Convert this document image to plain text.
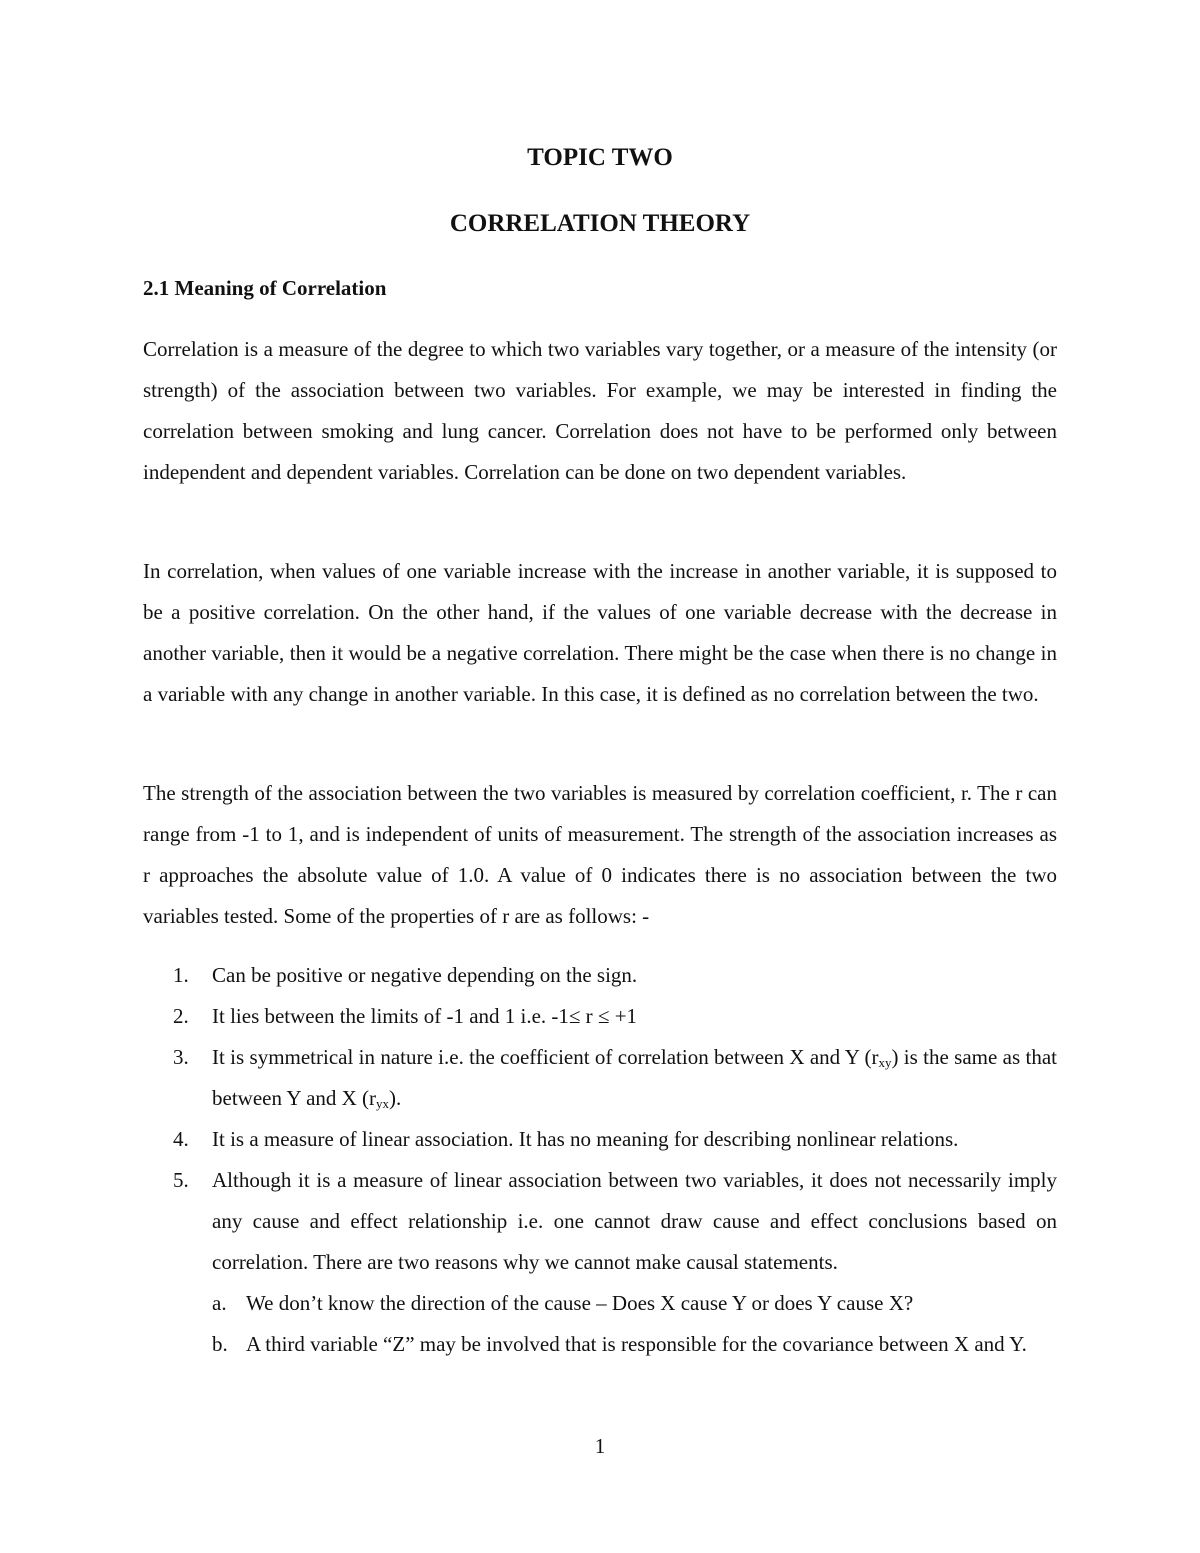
TOPIC TWO
CORRELATION THEORY
2.1 Meaning of Correlation

Correlation is a measure of the degree to which two variables vary together, or a measure of the intensity (or strength) of the association between two variables. For example, we may be interested in finding the correlation between smoking and lung cancer. Correlation does not have to be performed only between independent and dependent variables. Correlation can be done on two dependent variables.

In correlation, when values of one variable increase with the increase in another variable, it is supposed to be a positive correlation. On the other hand, if the values of one variable decrease with the decrease in another variable, then it would be a negative correlation. There might be the case when there is no change in a variable with any change in another variable. In this case, it is defined as no correlation between the two.

The strength of the association between the two variables is measured by correlation coefficient, r. The r can range from -1 to 1, and is independent of units of measurement. The strength of the association increases as r approaches the absolute value of 1.0. A value of 0 indicates there is no association between the two variables tested. Some of the properties of r are as follows: -

1. Can be positive or negative depending on the sign.
2. It lies between the limits of -1 and 1 i.e. -1≤ r ≤ +1
3. It is symmetrical in nature i.e. the coefficient of correlation between X and Y $(r_{xy})$ is the same as that between Y and X $(r_{yx})$.
4. It is a measure of linear association. It has no meaning for describing nonlinear relations.
5. Although it is a measure of linear association between two variables, it does not necessarily imply any cause and effect relationship i.e. one cannot draw cause and effect conclusions based on correlation. There are two reasons why we cannot make causal statements.
a. We don’t know the direction of the cause – Does X cause Y or does Y cause X?
b. A third variable “Z” may be involved that is responsible for the covariance between X and Y.
1
